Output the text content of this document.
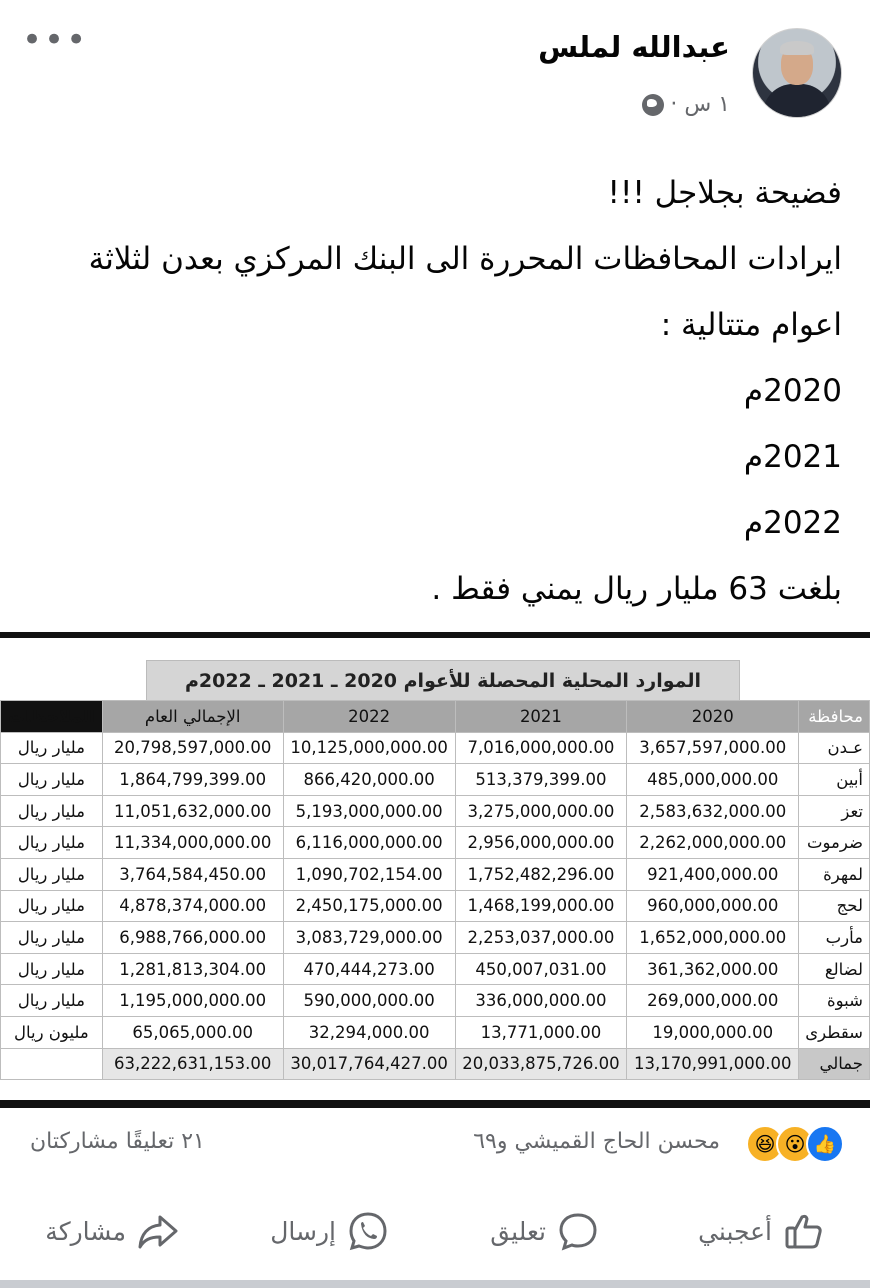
•••	عبدالله لملس
١ س ·
فضيحة بجلاجل !!!
ايرادات المحافظات المحررة الى البنك المركزي بعدن لثلاثة
اعوام متتالية :
2020م
2021م
2022م
بلغت 63 مليار ريال يمني فقط .
الموارد المحلية المحصلة للأعوام 2020 ـ 2021 ـ 2022م
الملاحظات	الإجمالي العام	2022	2021	2020	محافظة
مليار ريال	20,798,597,000.00	10,125,000,000.00	7,016,000,000.00	3,657,597,000.00	عـدن
مليار ريال	1,864,799,399.00	866,420,000.00	513,379,399.00	485,000,000.00	أبين
مليار ريال	11,051,632,000.00	5,193,000,000.00	3,275,000,000.00	2,583,632,000.00	تعز
مليار ريال	11,334,000,000.00	6,116,000,000.00	2,956,000,000.00	2,262,000,000.00	ضرموت
مليار ريال	3,764,584,450.00	1,090,702,154.00	1,752,482,296.00	921,400,000.00	لمهرة
مليار ريال	4,878,374,000.00	2,450,175,000.00	1,468,199,000.00	960,000,000.00	لحج
مليار ريال	6,988,766,000.00	3,083,729,000.00	2,253,037,000.00	1,652,000,000.00	مأرب
مليار ريال	1,281,813,304.00	470,444,273.00	450,007,031.00	361,362,000.00	لضالع
مليار ريال	1,195,000,000.00	590,000,000.00	336,000,000.00	269,000,000.00	شبوة
مليون ريال	65,065,000.00	32,294,000.00	13,771,000.00	19,000,000.00	سقطرى
	63,222,631,153.00	30,017,764,427.00	20,033,875,726.00	13,170,991,000.00	جمالي
👍
😮
😆
محسن الحاج القميشي و٦٩
٢١ تعليقًا مشاركتان
أعجبني
تعليق
إرسال
مشاركة
